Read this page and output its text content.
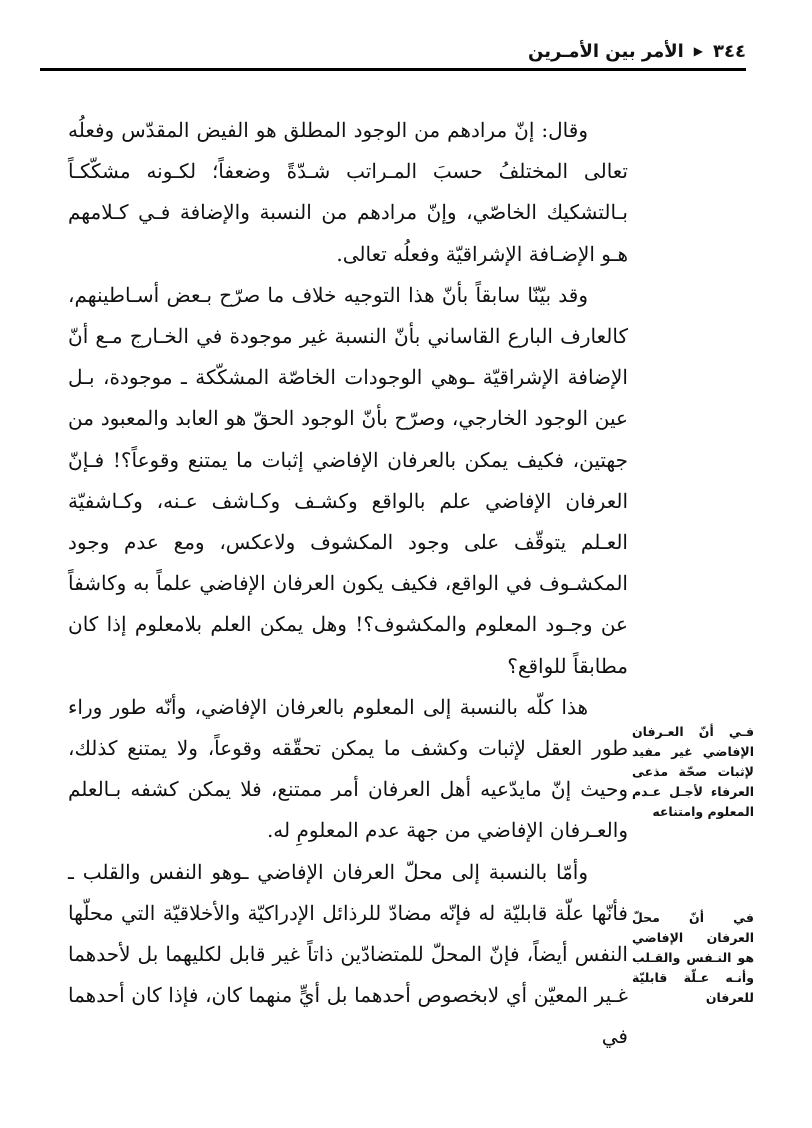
٣٤٤
▶
الأمر بين الأمـرين

وقال: إنّ مرادهم من الوجود المطلق هو الفيض المقدّس وفعلُه تعالى المختلفُ حسبَ المـراتب شـدّةً وضعفاً؛ لكـونه مشكّكـاً بـالتشكيك الخاصّي، وإنّ مرادهم من النسبة والإضافة فـي كـلامهم هـو الإضـافة الإشراقيّة وفعلُه تعالى.

وقد بيّنّا سابقاً بأنّ هذا التوجيه خلاف ما صرّح بـعض أسـاطينهم، كالعارف البارع القاساني بأنّ النسبة غير موجودة في الخـارج مـع أنّ الإضافة الإشراقيّة ـوهي الوجودات الخاصّة المشكّكة ـ موجودة، بـل عين الوجود الخارجي، وصرّح بأنّ الوجود الحقّ هو العابد والمعبود من جهتين، فكيف يمكن بالعرفان الإفاضي إثبات ما يمتنع وقوعاً؟! فـإنّ العرفان الإفاضي علم بالواقع وكشـف وكـاشف عـنه، وكـاشفيّة العـلم يتوقّف على وجود المكشوف ولاعكس، ومع عدم وجود المكشـوف في الواقع، فكيف يكون العرفان الإفاضي علماً به وكاشفاً عن وجـود المعلوم والمكشوف؟! وهل يمكن العلم بلامعلوم إذا كان مطابقاً للواقع؟

هذا كلّه بالنسبة إلى المعلوم بالعرفان الإفاضي، وأنّه طور وراء طور العقل لإثبات وكشف ما يمكن تحقّقه وقوعاً، ولا يمتنع كذلك، وحيث إنّ مايدّعيه أهل العرفان أمر ممتنع، فلا يمكن كشفه بـالعلم والعـرفان الإفاضي من جهة عدم المعلومِ له.

وأمّا بالنسبة إلى محلّ العرفان الإفاضي ـوهو النفس والقلب ـ فأنّها علّة قابليّة له فإنّه مضادّ للرذائل الإدراكيّة والأخلاقيّة التي محلّها النفس أيضاً، فإنّ المحلّ للمتضادّين ذاتاً غير قابل لكليهما بل لأحدهما غـير المعيّن أي لابخصوص أحدهما بل أيٍّ منهما كان، فإذا كان أحدهما في

فـي أنّ العـرفان الإفاضي غير مفيد لإثبات صحّة مذعى العرفاء لأجـل عـدم المعلوم وامتناعه
في أنّ محلّ العرفان الإفاضي هو النـفس والقـلب وأنـه عـلّة قابليّة للعرفان
